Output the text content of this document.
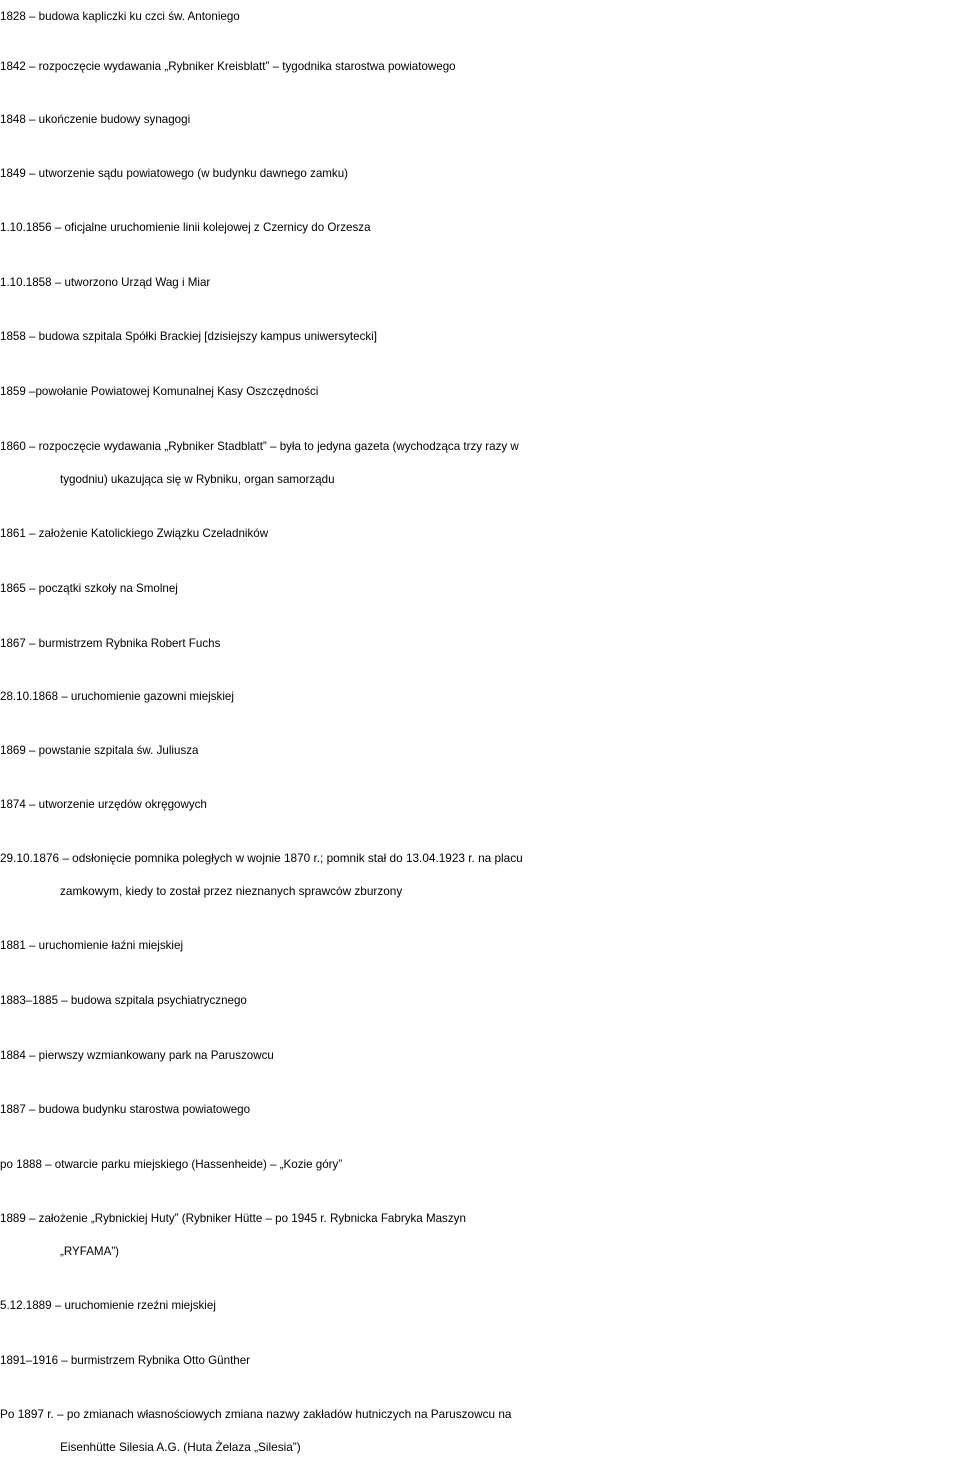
1828 – budowa kapliczki ku czci św. Antoniego
1842 – rozpoczęcie wydawania „Rybniker Kreisblatt” – tygodnika starostwa powiatowego
1848 – ukończenie budowy synagogi
1849 – utworzenie sądu powiatowego (w budynku dawnego zamku)
1.10.1856 – oficjalne uruchomienie linii kolejowej z Czernicy do Orzesza
1.10.1858 – utworzono Urząd Wag i Miar
1858 – budowa szpitala Spółki Brackiej [dzisiejszy kampus uniwersytecki]
1859 –powołanie Powiatowej Komunalnej Kasy Oszczędności
1860 – rozpoczęcie wydawania „Rybniker Stadblatt” – była to jedyna gazeta (wychodząca trzy razy w
tygodniu) ukazująca się w Rybniku, organ samorządu
1861 – założenie Katolickiego Związku Czeladników
1865 – początki szkoły na Smolnej
1867 – burmistrzem Rybnika Robert Fuchs
28.10.1868 – uruchomienie gazowni miejskiej
1869 – powstanie szpitala św. Juliusza
1874 – utworzenie urzędów okręgowych
29.10.1876 – odsłonięcie pomnika poległych w wojnie 1870 r.; pomnik stał do 13.04.1923 r. na placu
zamkowym, kiedy to został przez nieznanych sprawców zburzony
1881 – uruchomienie łaźni miejskiej
1883–1885 – budowa szpitala psychiatrycznego
1884 – pierwszy wzmiankowany park na Paruszowcu
1887 – budowa budynku starostwa powiatowego
po 1888 – otwarcie parku miejskiego (Hassenheide) – „Kozie góry”
1889 – założenie „Rybnickiej Huty” (Rybniker Hütte – po 1945 r. Rybnicka Fabryka Maszyn
„RYFAMA”)
5.12.1889 – uruchomienie rzeźni miejskiej
1891–1916 – burmistrzem Rybnika Otto Günther
Po 1897 r. – po zmianach własnościowych zmiana nazwy zakładów hutniczych na Paruszowcu na
Eisenhütte Silesia A.G. (Huta Żelaza „Silesia”)
